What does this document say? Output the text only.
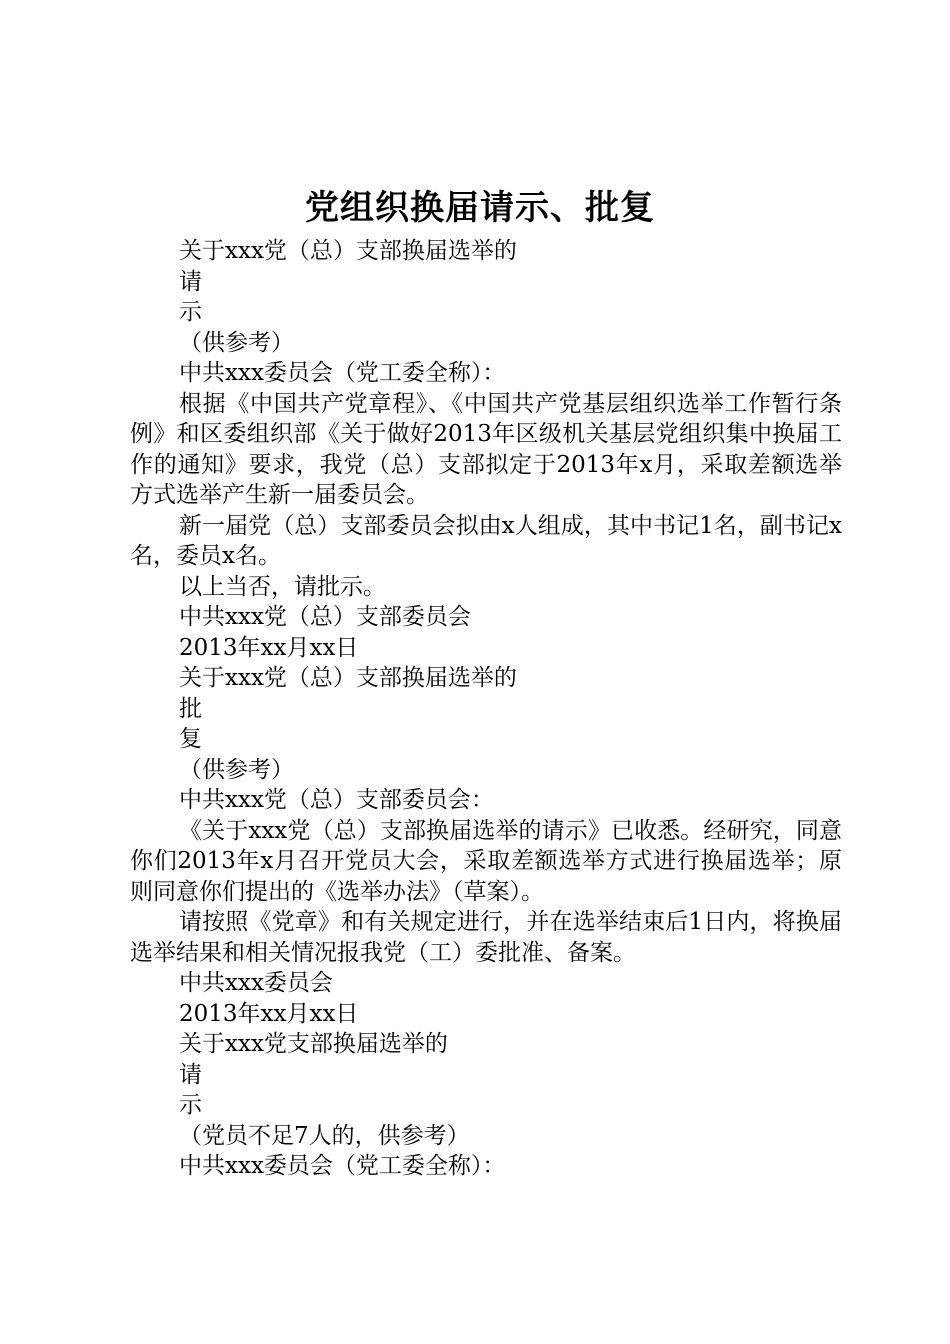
党组织换届请示、批复

关于xxx党（总）支部换届选举的

请

示

（供参考）

中共xxx委员会（党工委全称）：

根据《中国共产党章程》、《中国共产党基层组织选举工作暂行条例》和区委组织部《关于做好2013年区级机关基层党组织集中换届工作的通知》要求，我党（总）支部拟定于2013年x月，采取差额选举方式选举产生新一届委员会。

新一届党（总）支部委员会拟由x人组成，其中书记1名，副书记x名，委员x名。

以上当否，请批示。

中共xxx党（总）支部委员会

2013年xx月xx日

关于xxx党（总）支部换届选举的

批

复

（供参考）

中共xxx党（总）支部委员会：

《关于xxx党（总）支部换届选举的请示》已收悉。经研究，同意你们2013年x月召开党员大会，采取差额选举方式进行换届选举；原则同意你们提出的《选举办法》（草案）。

请按照《党章》和有关规定进行，并在选举结束后1日内，将换届选举结果和相关情况报我党（工）委批准、备案。

中共xxx委员会

2013年xx月xx日

关于xxx党支部换届选举的

请

示

（党员不足7人的，供参考）

中共xxx委员会（党工委全称）：
